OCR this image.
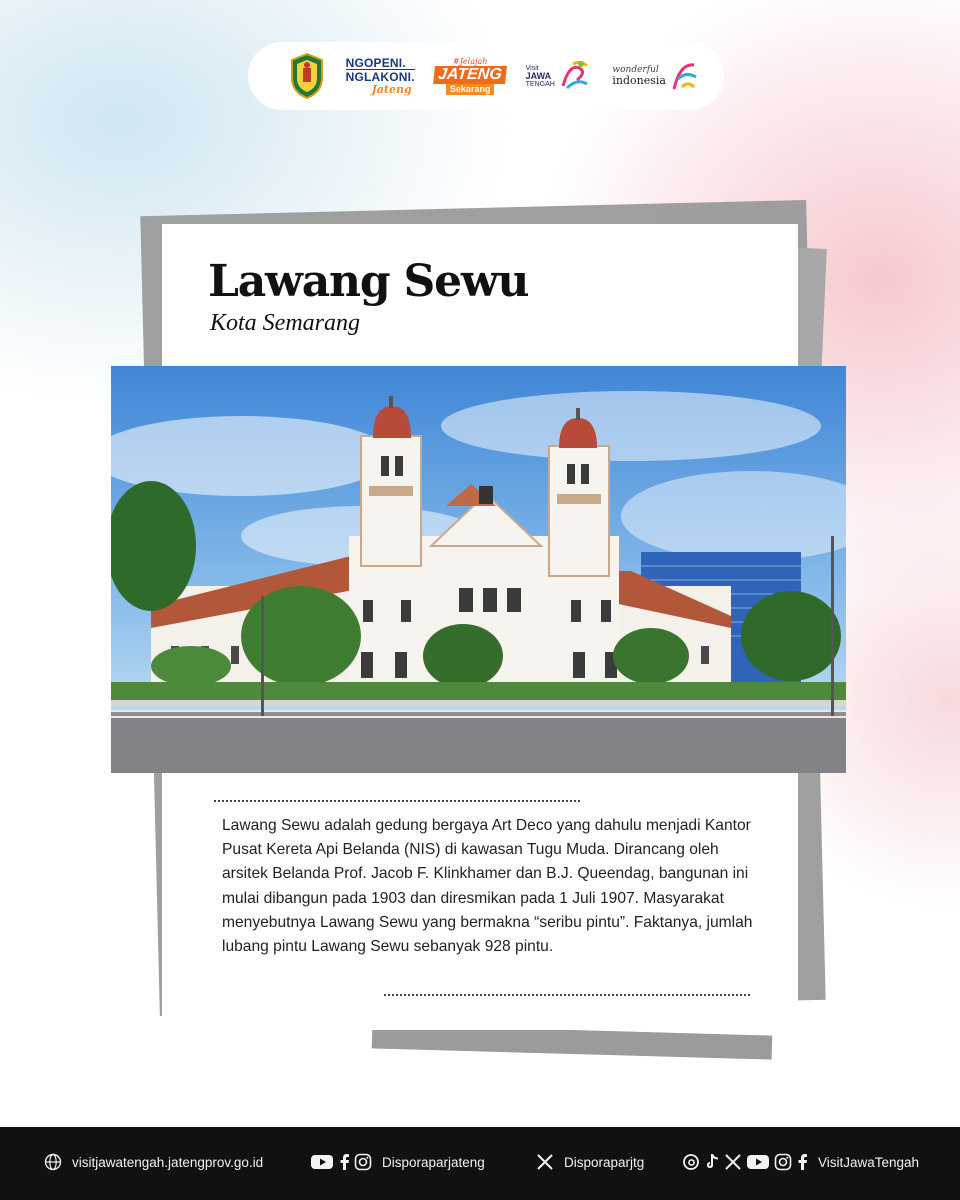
NGOPENI.
NGLAKONI.
Jateng
#Jelajah
JATENG
Sekarang
Visit
JAWA
TENGAH
wonderful
indonesia
Lawang Sewu
Kota Semarang

Lawang Sewu adalah gedung bergaya Art Deco yang dahulu menjadi Kantor Pusat Kereta Api Belanda (NIS) di kawasan Tugu Muda. Dirancang oleh arsitek Belanda Prof. Jacob F. Klinkhamer dan B.J. Queendag, bangunan ini mulai dibangun pada 1903 dan diresmikan pada 1 Juli 1907. Masyarakat menyebutnya Lawang Sewu yang bermakna “seribu pintu”. Faktanya, jumlah lubang pintu Lawang Sewu sebanyak 928 pintu.

visitjawatengah.jatengprov.go.id	Disporaparjateng	Disporaparjtg	VisitJawaTengah
